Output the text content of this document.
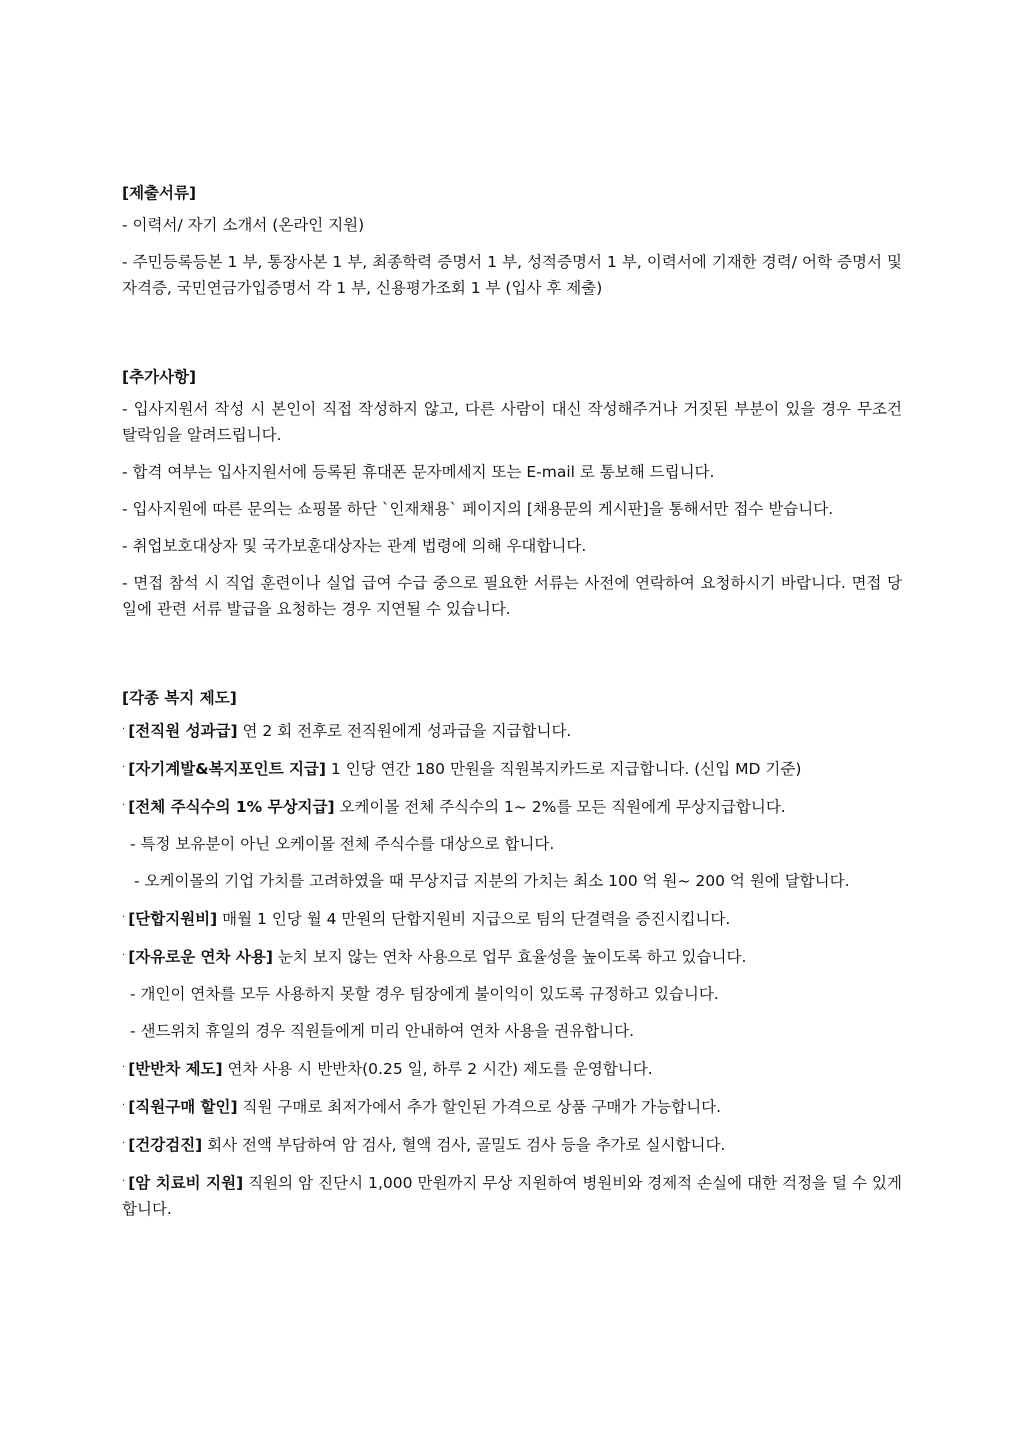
[제출서류]
- 이력서/ 자기 소개서 (온라인 지원)
- 주민등록등본 1 부, 통장사본 1 부, 최종학력 증명서 1 부, 성적증명서 1 부, 이력서에 기재한 경력/ 어학 증명서 및 자격증, 국민연금가입증명서 각 1 부, 신용평가조회 1 부 (입사 후 제출)
[추가사항]
- 입사지원서 작성 시 본인이 직접 작성하지 않고, 다른 사람이 대신 작성해주거나 거짓된 부분이 있을 경우 무조건 탈락임을 알려드립니다.
- 합격 여부는 입사지원서에 등록된 휴대폰 문자메세지 또는 E-mail 로 통보해 드립니다.
- 입사지원에 따른 문의는 쇼핑몰 하단 `인재채용` 페이지의 [채용문의 게시판]을 통해서만 접수 받습니다.
- 취업보호대상자 및 국가보훈대상자는 관계 법령에 의해 우대합니다.
- 면접 참석 시 직업 훈련이나 실업 급여 수급 중으로 필요한 서류는 사전에 연락하여 요청하시기 바랍니다. 면접 당일에 관련 서류 발급을 요청하는 경우 지연될 수 있습니다.
[각종 복지 제도]
· [전직원 성과급] 연 2 회 전후로 전직원에게 성과급을 지급합니다.
· [자기계발&복지포인트 지급] 1 인당 연간 180 만원을 직원복지카드로 지급합니다. (신입 MD 기준)
· [전체 주식수의 1% 무상지급] 오케이몰 전체 주식수의 1~ 2%를 모든 직원에게 무상지급합니다.
- 특정 보유분이 아닌 오케이몰 전체 주식수를 대상으로 합니다.
- 오케이몰의 기업 가치를 고려하였을 때 무상지급 지분의 가치는 최소 100 억 원~ 200 억 원에 달합니다.
· [단합지원비] 매월 1 인당 월 4 만원의 단합지원비 지급으로 팀의 단결력을 증진시킵니다.
· [자유로운 연차 사용] 눈치 보지 않는 연차 사용으로 업무 효율성을 높이도록 하고 있습니다.
- 개인이 연차를 모두 사용하지 못할 경우 팀장에게 불이익이 있도록 규정하고 있습니다.
- 샌드위치 휴일의 경우 직원들에게 미리 안내하여 연차 사용을 권유합니다.
· [반반차 제도] 연차 사용 시 반반차(0.25 일, 하루 2 시간) 제도를 운영합니다.
· [직원구매 할인] 직원 구매로 최저가에서 추가 할인된 가격으로 상품 구매가 가능합니다.
· [건강검진] 회사 전액 부담하여 암 검사, 혈액 검사, 골밀도 검사 등을 추가로 실시합니다.
· [암 치료비 지원] 직원의 암 진단시 1,000 만원까지 무상 지원하여 병원비와 경제적 손실에 대한 걱정을 덜 수 있게 합니다.
